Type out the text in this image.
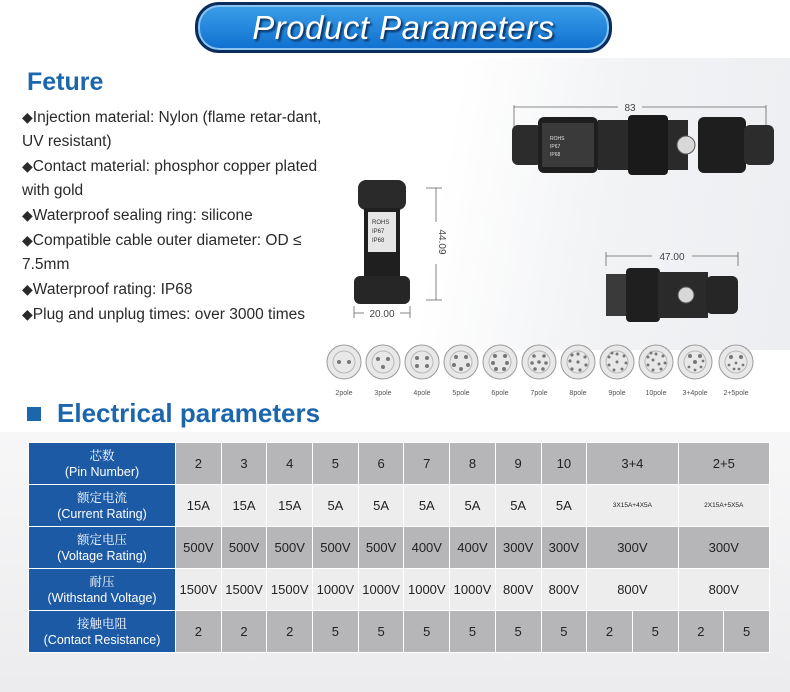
Product Parameters
Feture
◆Injection material: Nylon (flame retar-dant, UV resistant)
◆Contact material: phosphor copper plated with gold
◆Waterproof sealing ring: silicone
◆Compatible cable outer diameter: OD ≤ 7.5mm
◆Waterproof rating: IP68
◆Plug and unplug times: over 3000 times
83
ROHS
IP67
IP68
ROHS
IP67
IP68	44.09
20.00
47.00
2pole	3pole	4pole	5pole	6pole	7pole	8pole	9pole	10pole 3+4pole 2+5pole
Electrical parameters
芯数
(Pin Number)	2	3	4	5	6	7	8	9	10	3+4		2+5	

额定电流
(Current Rating)	15A	15A	15A	5A	5A	5A	5A	5A	5A	3X15A+4X5A		2X15A+5X5A	

额定电压
(Voltage Rating)	500V	500V	500V	500V	500V	400V	400V	300V	300V	300V		300V	

耐压
(Withstand Voltage)	1500V	1500V	1500V	1000V	1000V	1000V	1000V	800V	800V	800V		800V	

接触电阻
(Contact Resistance)	2	2	2	5	5	5	5	5	5	2	5	2	5
